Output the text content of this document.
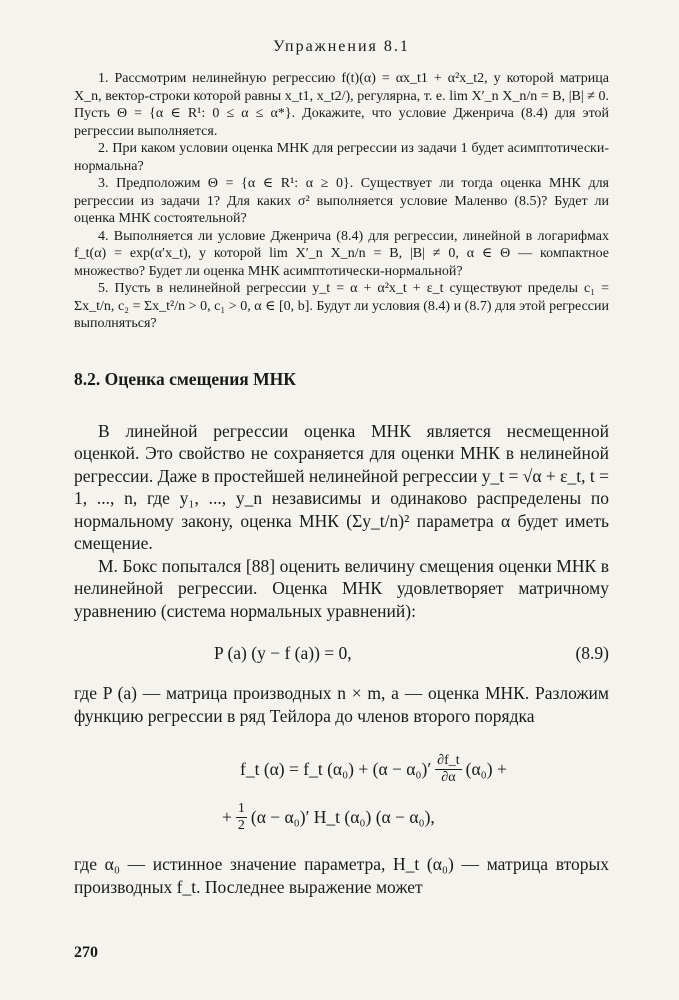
Упражнения 8.1

1. Рассмотрим нелинейную регрессию f(t)(α) = αx_t1 + α²x_t2, у которой матрица X_n, вектор-строки которой равны x_t1, x_t2/), регулярна, т. е. lim X′_n X_n/n = B, |B| ≠ 0. Пусть Θ = {α ∈ R¹: 0 ≤ α ≤ α*}. Докажите, что условие Дженрича (8.4) для этой регрессии выполняется.

2. При каком условии оценка МНК для регрессии из задачи 1 будет асимптотически-нормальна?

3. Предположим Θ = {α ∈ R¹: α ≥ 0}. Существует ли тогда оценка МНК для регрессии из задачи 1? Для каких σ² выполняется условие Маленво (8.5)? Будет ли оценка МНК состоятельной?

4. Выполняется ли условие Дженрича (8.4) для регрессии, линейной в логарифмах f_t(α) = exp(α′x_t), у которой lim X′_n X_n/n = B, |B| ≠ 0, α ∈ Θ — компактное множество? Будет ли оценка МНК асимптотически-нормальной?

5. Пусть в нелинейной регрессии y_t = α + α²x_t + ε_t существуют пределы c₁ = Σx_t/n, c₂ = Σx_t²/n > 0, c₁ > 0, α ∈ [0, b]. Будут ли условия (8.4) и (8.7) для этой регрессии выполняться?

8.2. Оценка смещения МНК

В линейной регрессии оценка МНК является несмещенной оценкой. Это свойство не сохраняется для оценки МНК в нелинейной регрессии. Даже в простейшей нелинейной регрессии y_t = √α + ε_t, t = 1, ..., n, где y₁, ..., y_n независимы и одинаково распределены по нормальному закону, оценка МНК (Σy_t/n)² параметра α будет иметь смещение.

М. Бокс попытался [88] оценить величину смещения оценки МНК в нелинейной регрессии. Оценка МНК удовлетворяет матричному уравнению (система нормальных уравнений):

P (a) (y − f (a)) = 0,	(8.9)

где P (a) — матрица производных n × m, a — оценка МНК. Разложим функцию регрессии в ряд Тейлора до членов второго порядка

f_t (α) = f_t $(\alpha_0) + (\alpha - \alpha_0)' \frac{\partial f\_t}{\partial\alpha} (\alpha_0)$ +
+ $\frac{1}{2} (\alpha - \alpha_0)'$ H_t (α₀) (α − α₀),

где α₀ — истинное значение параметра, H_t (α₀) — матрица вторых производных f_t. Последнее выражение может

270
